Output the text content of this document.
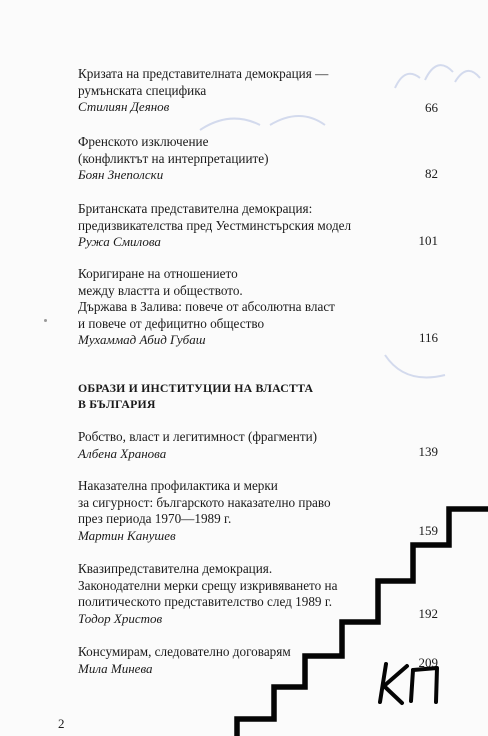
Кризата на представителната демокрация —
румънската специфика
Стилиян Деянов	66
Френското изключение
(конфликтът на интерпретациите)
Боян Знеполски	82
Британската представителна демокрация:
предизвикателства пред Уестминстърския модел
Ружа Смилова	101
Коригиране на отношението
между властта и обществото.
Държава в Залива: повече от абсолютна власт
и повече от дефицитно общество
Мухаммад Абид Губаш	116
ОБРАЗИ И ИНСТИТУЦИИ НА ВЛАСТТА
В БЪЛГАРИЯ
Робство, власт и легитимност (фрагменти)
Албена Хранова	139
Наказателна профилактика и мерки
за сигурност: българското наказателно право
през периода 1970—1989 г.
Мартин Канушев	159
Квазипредставителна демокрация.
Законодателни мерки срещу изкривяването на
политическото представителство след 1989 г.
Тодор Христов	192
Консумирам, следователно договарям
Мила Минева	209
2
